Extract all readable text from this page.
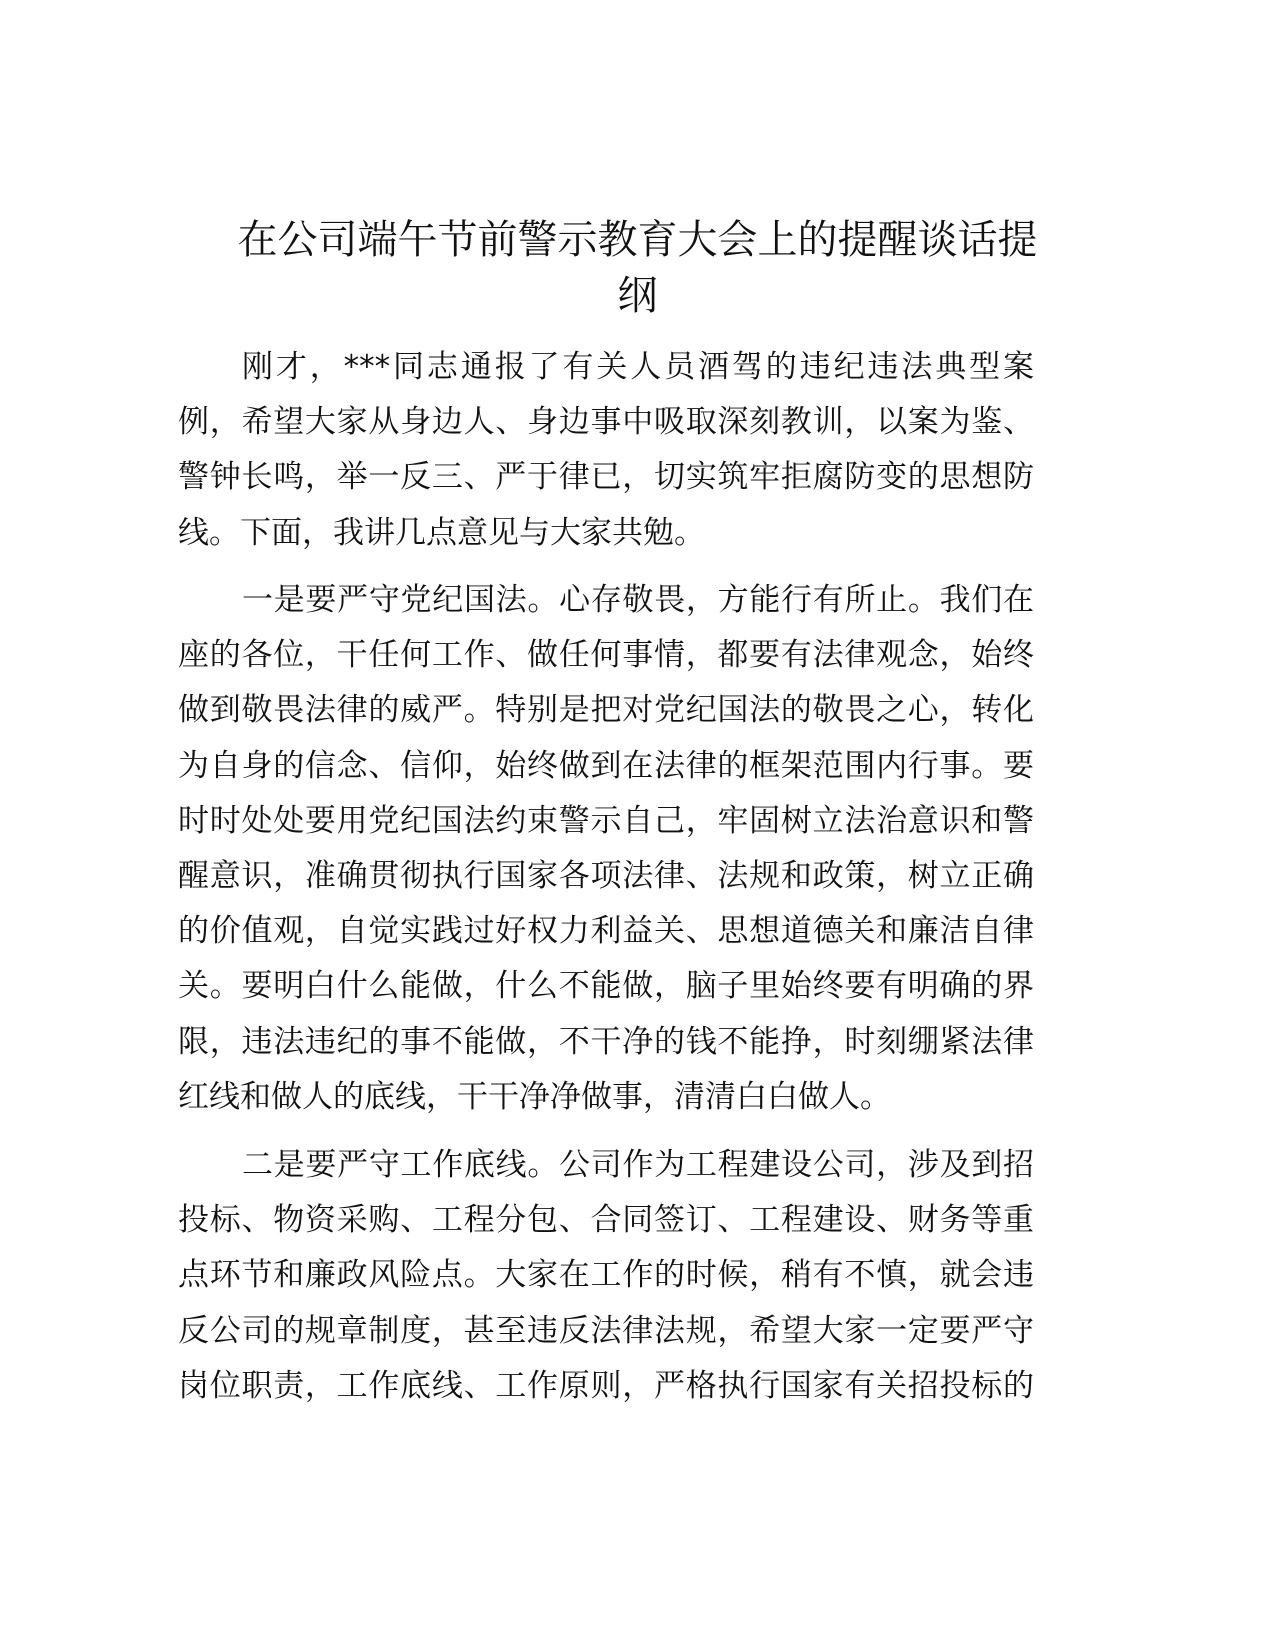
在公司端午节前警示教育大会上的提醒谈话提
纲
刚才，***同志通报了有关人员酒驾的违纪违法典型案
例，希望大家从身边人、身边事中吸取深刻教训，以案为鉴、
警钟长鸣，举一反三、严于律已，切实筑牢拒腐防变的思想防
线。下面，我讲几点意见与大家共勉。
一是要严守党纪国法。心存敬畏，方能行有所止。我们在
座的各位，干任何工作、做任何事情，都要有法律观念，始终
做到敬畏法律的威严。特别是把对党纪国法的敬畏之心，转化
为自身的信念、信仰，始终做到在法律的框架范围内行事。要
时时处处要用党纪国法约束警示自己，牢固树立法治意识和警
醒意识，准确贯彻执行国家各项法律、法规和政策，树立正确
的价值观，自觉实践过好权力利益关、思想道德关和廉洁自律
关。要明白什么能做，什么不能做，脑子里始终要有明确的界
限，违法违纪的事不能做，不干净的钱不能挣，时刻绷紧法律
红线和做人的底线，干干净净做事，清清白白做人。
二是要严守工作底线。公司作为工程建设公司，涉及到招
投标、物资采购、工程分包、合同签订、工程建设、财务等重
点环节和廉政风险点。大家在工作的时候，稍有不慎，就会违
反公司的规章制度，甚至违反法律法规，希望大家一定要严守
岗位职责，工作底线、工作原则，严格执行国家有关招投标的
